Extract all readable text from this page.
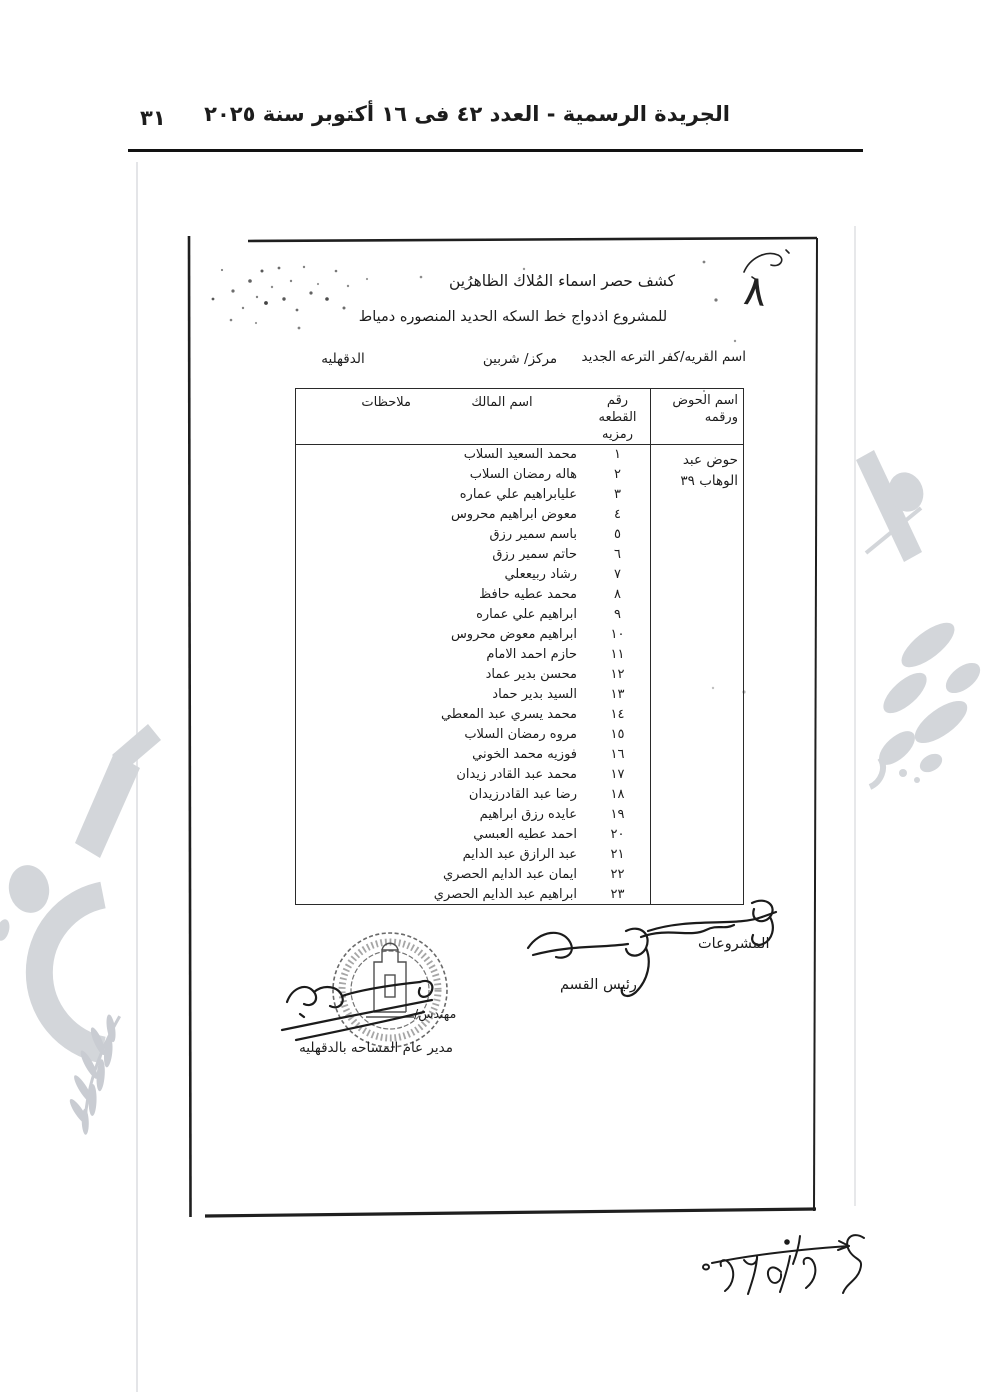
٣١ الجريدة الرسمية - العدد ٤٢ فى ١٦ أكتوبر سنة ٢٠٢٥
٨
كشف حصر اسماء المُلاك الظاهرُين
للمشروع اذدواج خط السكه الحديد المنصوره دمياط
اسم القريه/كفر الترعه الجديد
مركز/ شربين
الدقهليه
اسم الحوض
ورقمه
حوض عبد
الوهاب ٣٩
رقم
القطعه
رمزيه
١
٢
٣
٤
٥
٦
٧
٨
٩
١٠
١١
١٢
١٣
١٤
١٥
١٦
١٧
١٨
١٩
٢٠
٢١
٢٢
٢٣
اسم المالك
محمد السعيد السلاب
هاله رمضان السلاب
عليابراهيم علي عماره
معوض ابراهيم محروس
باسم سمير رزق
حاتم سمير رزق
رشاد ربيععلي
محمد عطيه حافظ
ابراهيم علي عماره
ابراهيم معوض محروس
حازم احمد الامام
محسن بدير عماد
السيد بدير حماد
محمد يسري عبد المعطي
مروه رمضان السلاب
فوزيه محمد الخوني
محمد عبد القادر زيدان
رضا عبد القادرزيدان
عايده رزق ابراهيم
احمد عطيه العبسي
عبد الرازق عبد الدايم
ايمان عبد الدايم الحصري
ابراهيم عبد الدايم الحصري
ملاحظات
المشروعات
رئيس القسم
مهندس/
مدير عام المساحه بالدقهليه
